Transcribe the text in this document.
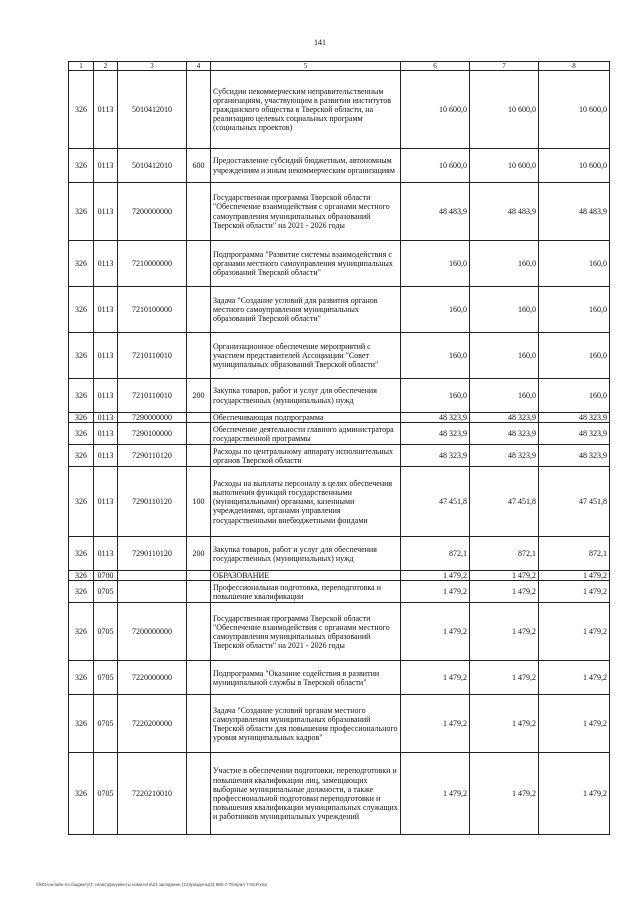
141
1	2	3	4	5	6	7	8
326	0113	5010412010		Субсидии некоммерческим неправительственным организациям, участвующим в развитии институтов гражданского общества в Тверской области, на реализацию целевых социальных программ (социальных проектов)	10 600,0	10 600,0	10 600,0
326	0113	5010412010	600	Предоставление субсидий бюджетным, автономным учреждениям и иным некоммерческим организациям	10 600,0	10 600,0	10 600,0
326	0113	7200000000		Государственная программа Тверской области "Обеспечение взаимодействия с органами местного самоуправления муниципальных образований Тверской области" на 2021 - 2026 годы	48 483,9	48 483,9	48 483,9
326	0113	7210000000		Подпрограмма "Развитие системы взаимодействия с органами местного самоуправления муниципальных образований Тверской области"	160,0	160,0	160,0
326	0113	7210100000		Задача "Создание условий для развития органов местного самоуправления муниципальных образований Тверской области"	160,0	160,0	160,0
326	0113	7210110010		Организационное обеспечение мероприятий с участием представителей Ассоциации "Совет муниципальных образований Тверской области"	160,0	160,0	160,0
326	0113	7210110010	200	Закупка товаров, работ и услуг для обеспечения государственных (муниципальных) нужд	160,0	160,0	160,0
326	0113	7290000000		Обеспечивающая подпрограмма	48 323,9	48 323,9	48 323,9
326	0113	7290100000		Обеспечение деятельности главного администратора государственной программы	48 323,9	48 323,9	48 323,9
326	0113	7290110120		Расходы по центральному аппарату исполнительных органов Тверской области	48 323,9	48 323,9	48 323,9
326	0113	7290110120	100	Расходы на выплаты персоналу в целях обеспечения выполнения функций государственными (муниципальными) органами, казенными учреждениями, органами управления государственными внебюджетными фондами	47 451,8	47 451,8	47 451,8
326	0113	7290110120	200	Закупка товаров, работ и услуг для обеспечения государственных (муниципальных) нужд	872,1	872,1	872,1
326	0700			ОБРАЗОВАНИЕ	1 479,2	1 479,2	1 479,2
326	0705			Профессиональная подготовка, переподготовка и повышение квалификации	1 479,2	1 479,2	1 479,2
326	0705	7200000000		Государственная программа Тверской области "Обеспечение взаимодействия с органами местного самоуправления муниципальных образований Тверской области" на 2021 - 2026 годы	1 479,2	1 479,2	1 479,2
326	0705	7220000000		Подпрограмма "Оказание содействия в развитии муниципальной службы в Тверской области"	1 479,2	1 479,2	1 479,2
326	0705	7220200000		Задача "Создание условий органам местного самоуправления муниципальных образований Тверской области для повышения профессионального уровня муниципальных кадров"	1 479,2	1 479,2	1 479,2
326	0705	7220210010		Участие в обеспечении подготовки, переподготовки и повышения квалификации лиц, замещающих выборные муниципальные должности, а также профессиональной подготовки переподготовки и повышения квалификации муниципальных служащих и работников муниципальных учреждений	1 479,2	1 479,2	1 479,2
\\fs01\онлайн-по бюджету\Т сеанс\Документы комитета\23 заседание (12)\разделы(2) 980-7-75\прил 7-8СР.xlsx
